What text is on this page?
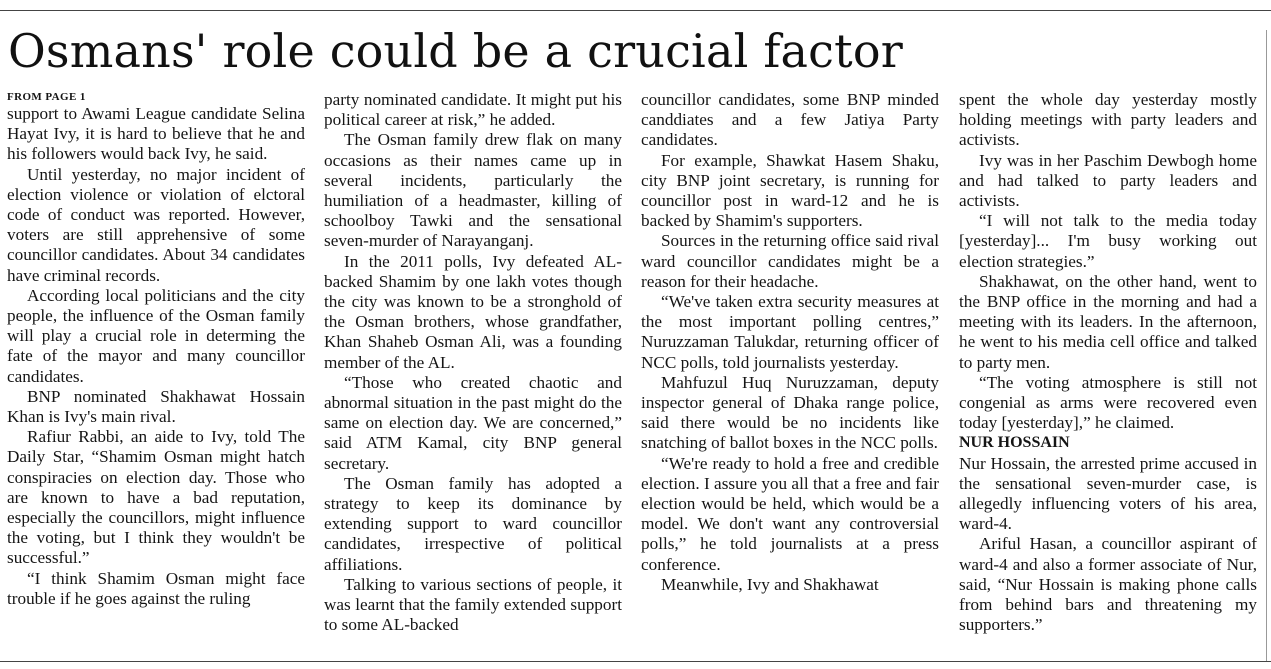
Osmans' role could be a crucial factor
FROM PAGE 1

support to Awami League candidate Selina Hayat Ivy, it is hard to believe that he and his followers would back Ivy, he said.

Until yesterday, no major incident of election violence or violation of elctoral code of conduct was reported. However, voters are still apprehensive of some councillor candidates. About 34 candidates have criminal records.

According local politicians and the city people, the influence of the Osman family will play a crucial role in determing the fate of the mayor and many councillor candidates.

BNP nominated Shakhawat Hossain Khan is Ivy's main rival.

Rafiur Rabbi, an aide to Ivy, told The Daily Star, “Shamim Osman might hatch conspiracies on election day. Those who are known to have a bad reputation, especially the councillors, might influence the voting, but I think they wouldn't be successful.”

“I think Shamim Osman might face trouble if he goes against the ruling

party nominated candidate. It might put his political career at risk,” he added.

The Osman family drew flak on many occasions as their names came up in several incidents, particularly the humiliation of a headmaster, killing of schoolboy Tawki and the sensational seven-murder of Narayanganj.

In the 2011 polls, Ivy defeated AL-backed Shamim by one lakh votes though the city was known to be a stronghold of the Osman brothers, whose grandfather, Khan Shaheb Osman Ali, was a founding member of the AL.

“Those who created chaotic and abnormal situation in the past might do the same on election day. We are concerned,” said ATM Kamal, city BNP general secretary.

The Osman family has adopted a strategy to keep its dominance by extending support to ward councillor candidates, irrespective of political affiliations.

Talking to various sections of people, it was learnt that the family extended support to some AL-backed

councillor candidates, some BNP minded canddiates and a few Jatiya Party candidates.

For example, Shawkat Hasem Shaku, city BNP joint secretary, is running for councillor post in ward-12 and he is backed by Shamim's supporters.

Sources in the returning office said rival ward councillor candidates might be a reason for their headache.

“We've taken extra security measures at the most important polling centres,” Nuruzzaman Talukdar, returning officer of NCC polls, told journalists yesterday.

Mahfuzul Huq Nuruzzaman, deputy inspector general of Dhaka range police, said there would be no incidents like snatching of ballot boxes in the NCC polls.

“We're ready to hold a free and credible election. I assure you all that a free and fair election would be held, which would be a model. We don't want any controversial polls,” he told journalists at a press conference.

Meanwhile, Ivy and Shakhawat

spent the whole day yesterday mostly holding meetings with party leaders and activists.

Ivy was in her Paschim Dewbogh home and had talked to party leaders and activists.

“I will not talk to the media today [yesterday]... I'm busy working out election strategies.”

Shakhawat, on the other hand, went to the BNP office in the morning and had a meeting with its leaders. In the afternoon, he went to his media cell office and talked to party men.

“The voting atmosphere is still not congenial as arms were recovered even today [yesterday],” he claimed.

NUR HOSSAIN

Nur Hossain, the arrested prime accused in the sensational seven-murder case, is allegedly influencing voters of his area, ward-4.

Ariful Hasan, a councillor aspirant of ward-4 and also a former associate of Nur, said, “Nur Hossain is making phone calls from behind bars and threatening my supporters.”
